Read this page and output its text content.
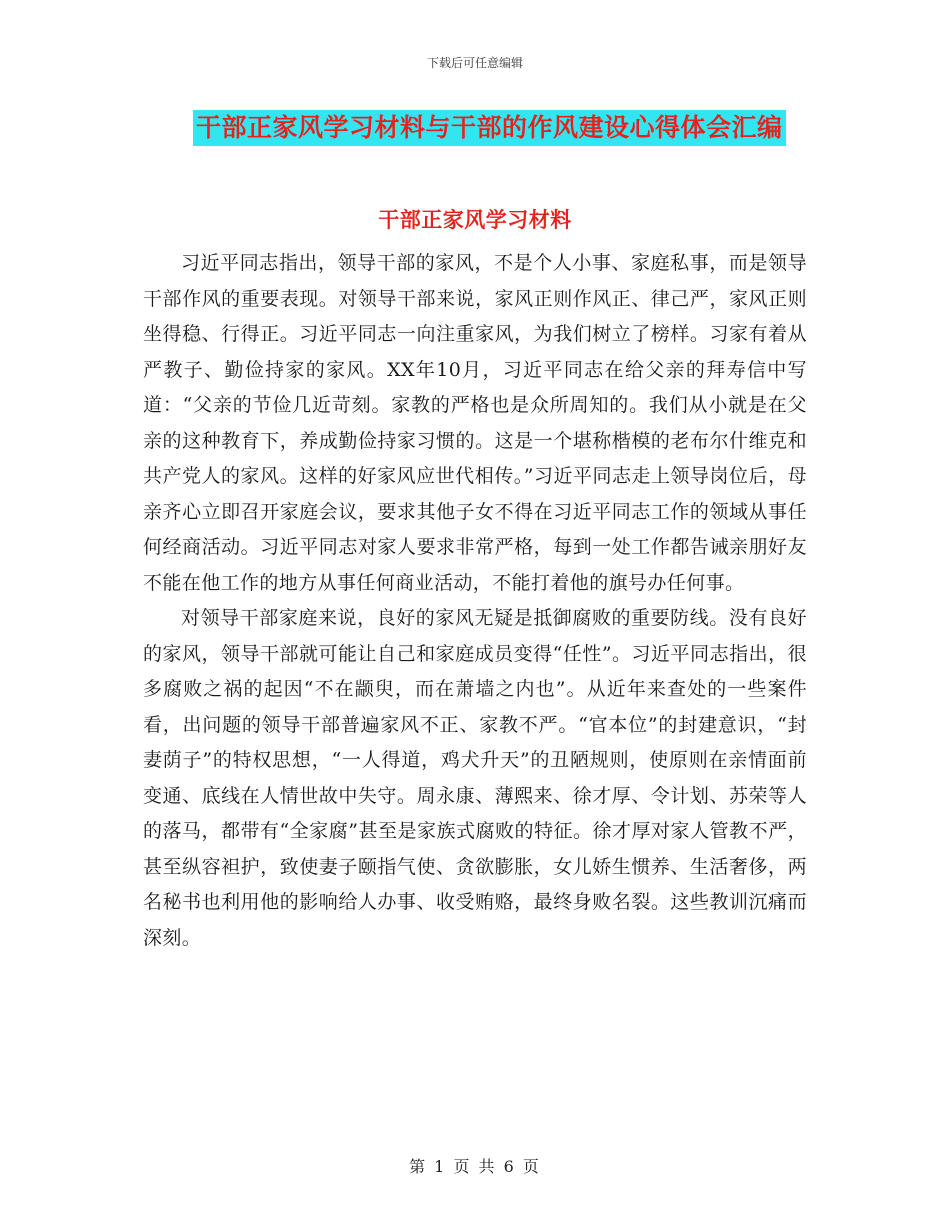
下载后可任意编辑
干部正家风学习材料与干部的作风建设心得体会汇编
干部正家风学习材料

习近平同志指出，领导干部的家风，不是个人小事、家庭私事，而是领导干部作风的重要表现。对领导干部来说，家风正则作风正、律己严，家风正则坐得稳、行得正。习近平同志一向注重家风，为我们树立了榜样。习家有着从严教子、勤俭持家的家风。XX年10月，习近平同志在给父亲的拜寿信中写道：“父亲的节俭几近苛刻。家教的严格也是众所周知的。我们从小就是在父亲的这种教育下，养成勤俭持家习惯的。这是一个堪称楷模的老布尔什维克和共产党人的家风。这样的好家风应世代相传。”习近平同志走上领导岗位后，母亲齐心立即召开家庭会议，要求其他子女不得在习近平同志工作的领域从事任何经商活动。习近平同志对家人要求非常严格，每到一处工作都告诫亲朋好友不能在他工作的地方从事任何商业活动，不能打着他的旗号办任何事。

对领导干部家庭来说，良好的家风无疑是抵御腐败的重要防线。没有良好的家风，领导干部就可能让自己和家庭成员变得“任性”。习近平同志指出，很多腐败之祸的起因“不在颛臾，而在萧墙之内也”。从近年来查处的一些案件看，出问题的领导干部普遍家风不正、家教不严。“官本位”的封建意识，“封妻荫子”的特权思想，“一人得道，鸡犬升天”的丑陋规则，使原则在亲情面前变通、底线在人情世故中失守。周永康、薄熙来、徐才厚、令计划、苏荣等人的落马，都带有“全家腐”甚至是家族式腐败的特征。徐才厚对家人管教不严，甚至纵容袒护，致使妻子颐指气使、贪欲膨胀，女儿娇生惯养、生活奢侈，两名秘书也利用他的影响给人办事、收受贿赂，最终身败名裂。这些教训沉痛而深刻。

第 1 页 共 6 页
